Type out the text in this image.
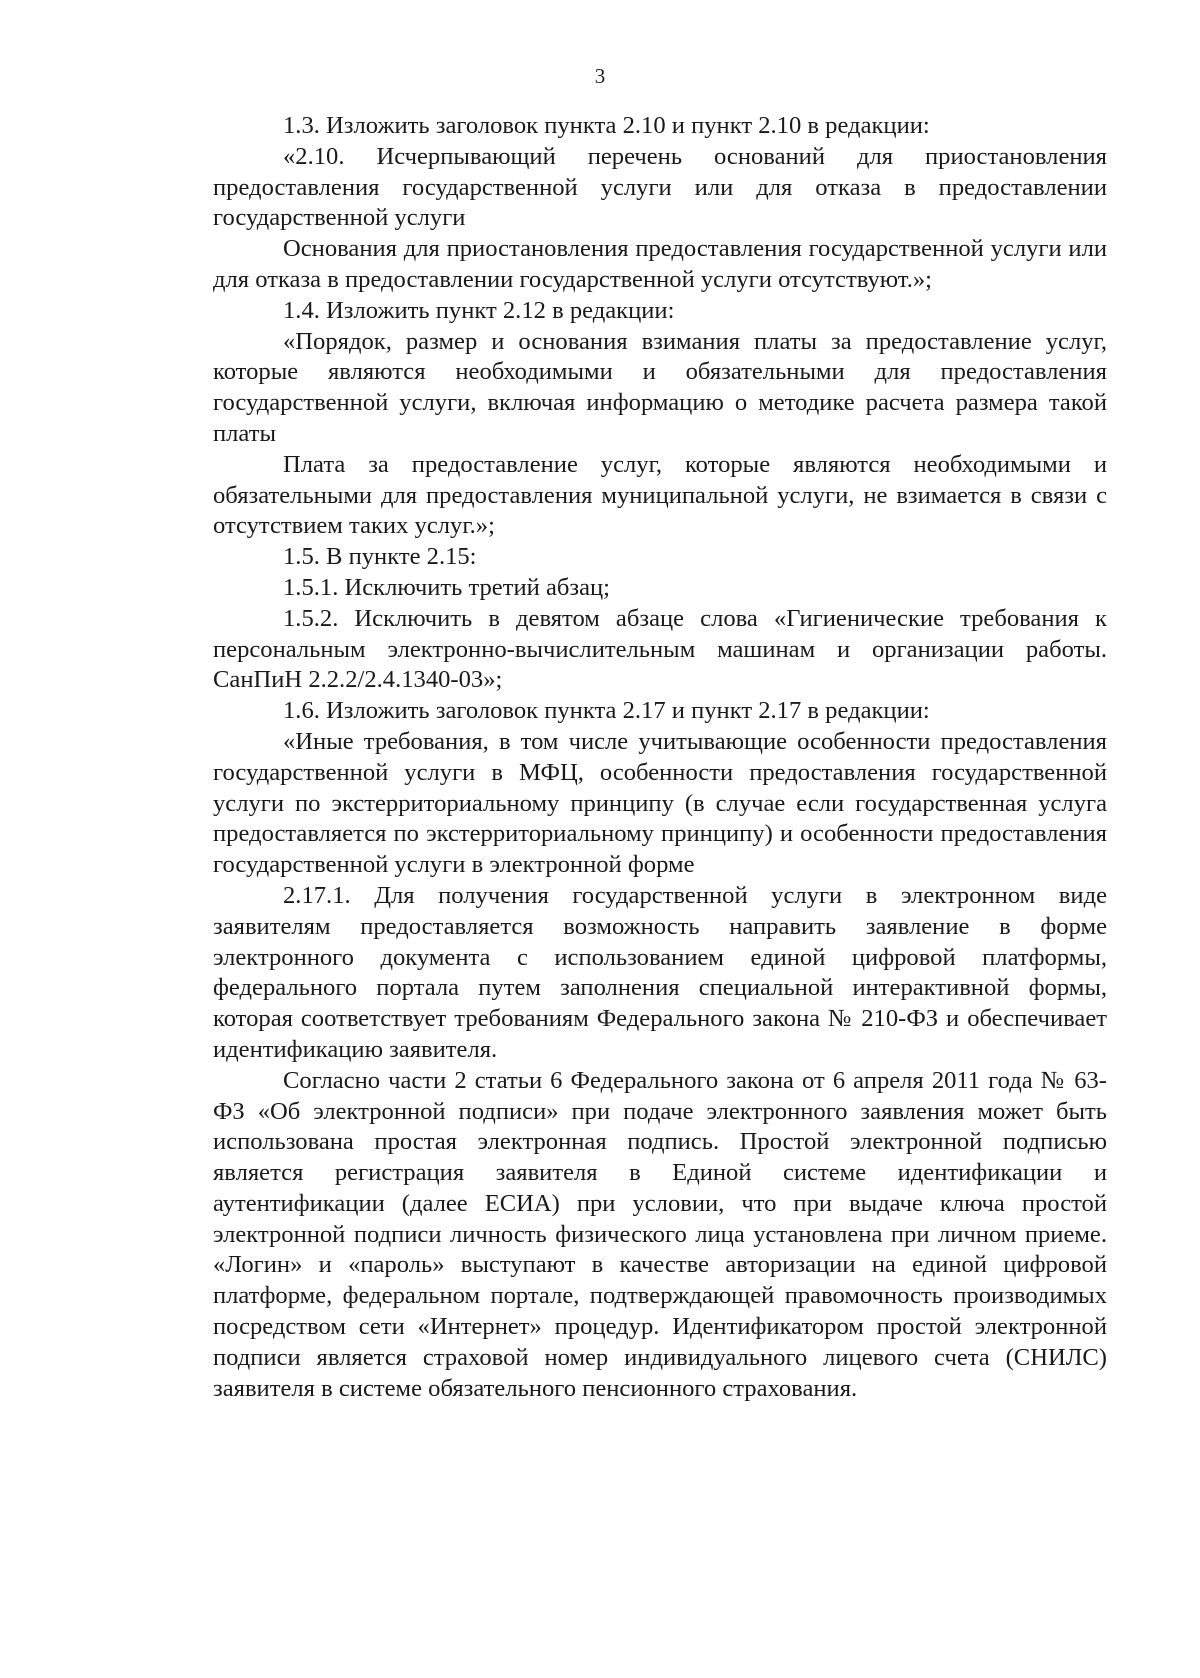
3

1.3. Изложить заголовок пункта 2.10 и пункт 2.10 в редакции:

«2.10. Исчерпывающий перечень оснований для приостановления предоставления государственной услуги или для отказа в предоставлении государственной услуги

Основания для приостановления предоставления государственной услуги или для отказа в предоставлении государственной услуги отсутствуют.»;

1.4. Изложить пункт 2.12 в редакции:

«Порядок, размер и основания взимания платы за предоставление услуг, которые являются необходимыми и обязательными для предоставления государственной услуги, включая информацию о методике расчета размера такой платы

Плата за предоставление услуг, которые являются необходимыми и обязательными для предоставления муниципальной услуги, не взимается в связи с отсутствием таких услуг.»;

1.5. В пункте 2.15:

1.5.1. Исключить третий абзац;

1.5.2. Исключить в девятом абзаце слова «Гигиенические требования к персональным электронно-вычислительным машинам и организации работы. СанПиН 2.2.2/2.4.1340-03»;

1.6. Изложить заголовок пункта 2.17 и пункт 2.17 в редакции:

«Иные требования, в том числе учитывающие особенности предоставления государственной услуги в МФЦ, особенности предоставления государственной услуги по экстерриториальному принципу (в случае если государственная услуга предоставляется по экстерриториальному принципу) и особенности предоставления государственной услуги в электронной форме

2.17.1. Для получения государственной услуги в электронном виде заявителям предоставляется возможность направить заявление в форме электронного документа с использованием единой цифровой платформы, федерального портала путем заполнения специальной интерактивной формы, которая соответствует требованиям Федерального закона № 210-ФЗ и обеспечивает идентификацию заявителя.

Согласно части 2 статьи 6 Федерального закона от 6 апреля 2011 года № 63-ФЗ «Об электронной подписи» при подаче электронного заявления может быть использована простая электронная подпись. Простой электронной подписью является регистрация заявителя в Единой системе идентификации и аутентификации (далее ЕСИА) при условии, что при выдаче ключа простой электронной подписи личность физического лица установлена при личном приеме. «Логин» и «пароль» выступают в качестве авторизации на единой цифровой платформе, федеральном портале, подтверждающей правомочность производимых посредством сети «Интернет» процедур. Идентификатором простой электронной подписи является страховой номер индивидуального лицевого счета (СНИЛС) заявителя в системе обязательного пенсионного страхования.
